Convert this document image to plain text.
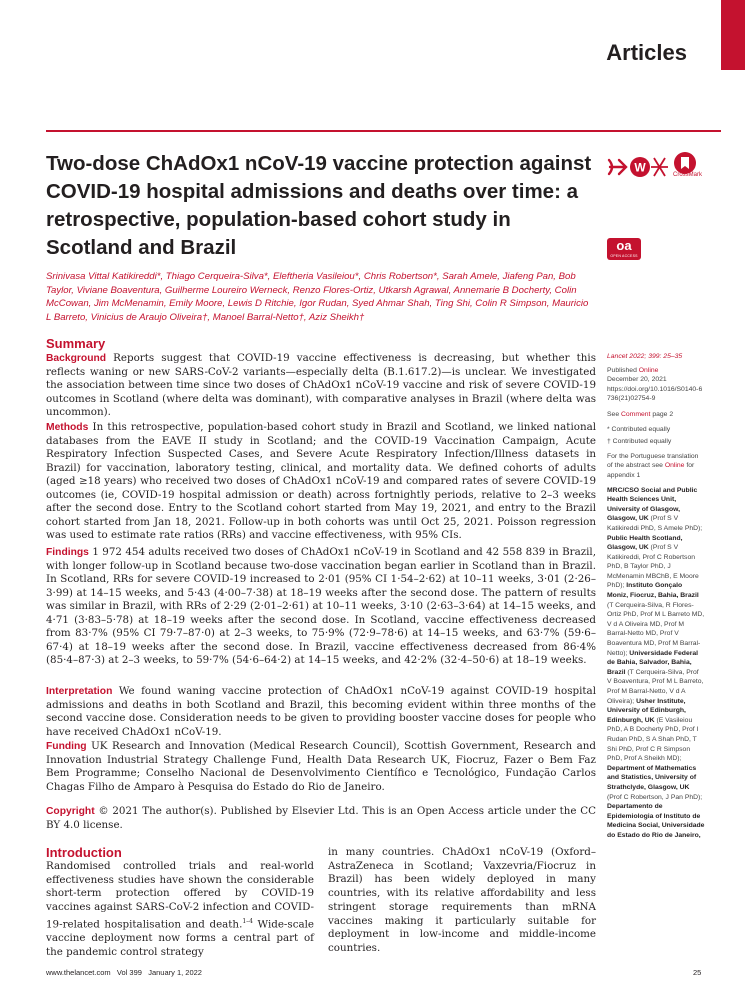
Articles
Two-dose ChAdOx1 nCoV-19 vaccine protection against COVID-19 hospital admissions and deaths over time: a retrospective, population-based cohort study in Scotland and Brazil
W
CrossMark
oa
OPEN ACCESS

Srinivasa Vittal Katikireddi*, Thiago Cerqueira-Silva*, Eleftheria Vasileiou*, Chris Robertson*, Sarah Amele, Jiafeng Pan, Bob Taylor, Viviane Boaventura, Guilherme Loureiro Werneck, Renzo Flores-Ortiz, Utkarsh Agrawal, Annemarie B Docherty, Colin McCowan, Jim McMenamin, Emily Moore, Lewis D Ritchie, Igor Rudan, Syed Ahmar Shah, Ting Shi, Colin R Simpson, Mauricio L Barreto, Vinicius de Araujo Oliveira†, Manoel Barral-Netto†, Aziz Sheikh†

Summary

Background Reports suggest that COVID-19 vaccine effectiveness is decreasing, but whether this reflects waning or new SARS-CoV-2 variants—especially delta (B.1.617.2)—is unclear. We investigated the association between time since two doses of ChAdOx1 nCoV-19 vaccine and risk of severe COVID-19 outcomes in Scotland (where delta was dominant), with comparative analyses in Brazil (where delta was uncommon).

Methods In this retrospective, population-based cohort study in Brazil and Scotland, we linked national databases from the EAVE II study in Scotland; and the COVID-19 Vaccination Campaign, Acute Respiratory Infection Suspected Cases, and Severe Acute Respiratory Infection/Illness datasets in Brazil) for vaccination, laboratory testing, clinical, and mortality data. We defined cohorts of adults (aged ≥18 years) who received two doses of ChAdOx1 nCoV-19 and compared rates of severe COVID-19 outcomes (ie, COVID-19 hospital admission or death) across fortnightly periods, relative to 2–3 weeks after the second dose. Entry to the Scotland cohort started from May 19, 2021, and entry to the Brazil cohort started from Jan 18, 2021. Follow-up in both cohorts was until Oct 25, 2021. Poisson regression was used to estimate rate ratios (RRs) and vaccine effectiveness, with 95% CIs.

Findings 1 972 454 adults received two doses of ChAdOx1 nCoV-19 in Scotland and 42 558 839 in Brazil, with longer follow-up in Scotland because two-dose vaccination began earlier in Scotland than in Brazil. In Scotland, RRs for severe COVID-19 increased to 2·01 (95% CI 1·54–2·62) at 10–11 weeks, 3·01 (2·26–3·99) at 14–15 weeks, and 5·43 (4·00–7·38) at 18–19 weeks after the second dose. The pattern of results was similar in Brazil, with RRs of 2·29 (2·01–2·61) at 10–11 weeks, 3·10 (2·63–3·64) at 14–15 weeks, and 4·71 (3·83–5·78) at 18–19 weeks after the second dose. In Scotland, vaccine effectiveness decreased from 83·7% (95% CI 79·7–87·0) at 2–3 weeks, to 75·9% (72·9–78·6) at 14–15 weeks, and 63·7% (59·6–67·4) at 18–19 weeks after the second dose. In Brazil, vaccine effectiveness decreased from 86·4% (85·4–87·3) at 2–3 weeks, to 59·7% (54·6–64·2) at 14–15 weeks, and 42·2% (32·4–50·6) at 18–19 weeks.

Interpretation We found waning vaccine protection of ChAdOx1 nCoV-19 against COVID-19 hospital admissions and deaths in both Scotland and Brazil, this becoming evident within three months of the second vaccine dose. Consideration needs to be given to providing booster vaccine doses for people who have received ChAdOx1 nCoV-19.

Funding UK Research and Innovation (Medical Research Council), Scottish Government, Research and Innovation Industrial Strategy Challenge Fund, Health Data Research UK, Fiocruz, Fazer o Bem Faz Bem Programme; Conselho Nacional de Desenvolvimento Científico e Tecnológico, Fundação Carlos Chagas Filho de Amparo à Pesquisa do Estado do Rio de Janeiro.

Copyright © 2021 The author(s). Published by Elsevier Ltd. This is an Open Access article under the CC BY 4.0 license.

Introduction

Randomised controlled trials and real-world effectiveness studies have shown the considerable short-term protection offered by COVID-19 vaccines against SARS-CoV-2 infection and COVID-19-related hospitalisation and death.$^{1-4}$ Wide-scale vaccine deployment now forms a central part of the pandemic control strategy

in many countries. ChAdOx1 nCoV-19 (Oxford–AstraZeneca in Scotland; Vaxzevria/Fiocruz in Brazil) has been widely deployed in many countries, with its relative affordability and less stringent storage requirements than mRNA vaccines making it particularly suitable for deployment in low-income and middle-income countries.

Lancet 2022; 399: 25–35

Published Online

December 20, 2021

https://doi.org/10.1016/S0140-6736(21)02754-9

See Comment page 2

* Contributed equally

† Contributed equally

For the Portuguese translation of the abstract see Online for appendix 1

MRC/CSO Social and Public Health Sciences Unit, University of Glasgow, Glasgow, UK (Prof S V Katikireddi PhD, S Amele PhD); Public Health Scotland, Glasgow, UK (Prof S V Katikireddi, Prof C Robertson PhD, B Taylor PhD, J McMenamin MBChB, E Moore PhD); Instituto Gonçalo Moniz, Fiocruz, Bahia, Brazil (T Cerqueira-Silva, R Flores-Ortiz PhD, Prof M L Barreto MD, V d A Oliveira MD, Prof M Barral-Netto MD, Prof V Boaventura MD, Prof M Barral-Netto); Universidade Federal de Bahia, Salvador, Bahia, Brazil (T Cerqueira-Silva, Prof V Boaventura, Prof M L Barreto, Prof M Barral-Netto, V d A Oliveira); Usher Institute, University of Edinburgh, Edinburgh, UK (E Vasileiou PhD, A B Docherty PhD, Prof I Rudan PhD, S A Shah PhD, T Shi PhD, Prof C R Simpson PhD, Prof A Sheikh MD); Department of Mathematics and Statistics, University of Strathclyde, Glasgow, UK (Prof C Robertson, J Pan PhD); Departamento de Epidemiologia of Instituto de Medicina Social, Universidade do Estado do Rio de Janeiro,

www.thelancet.com Vol 399 January 1, 2022	25
